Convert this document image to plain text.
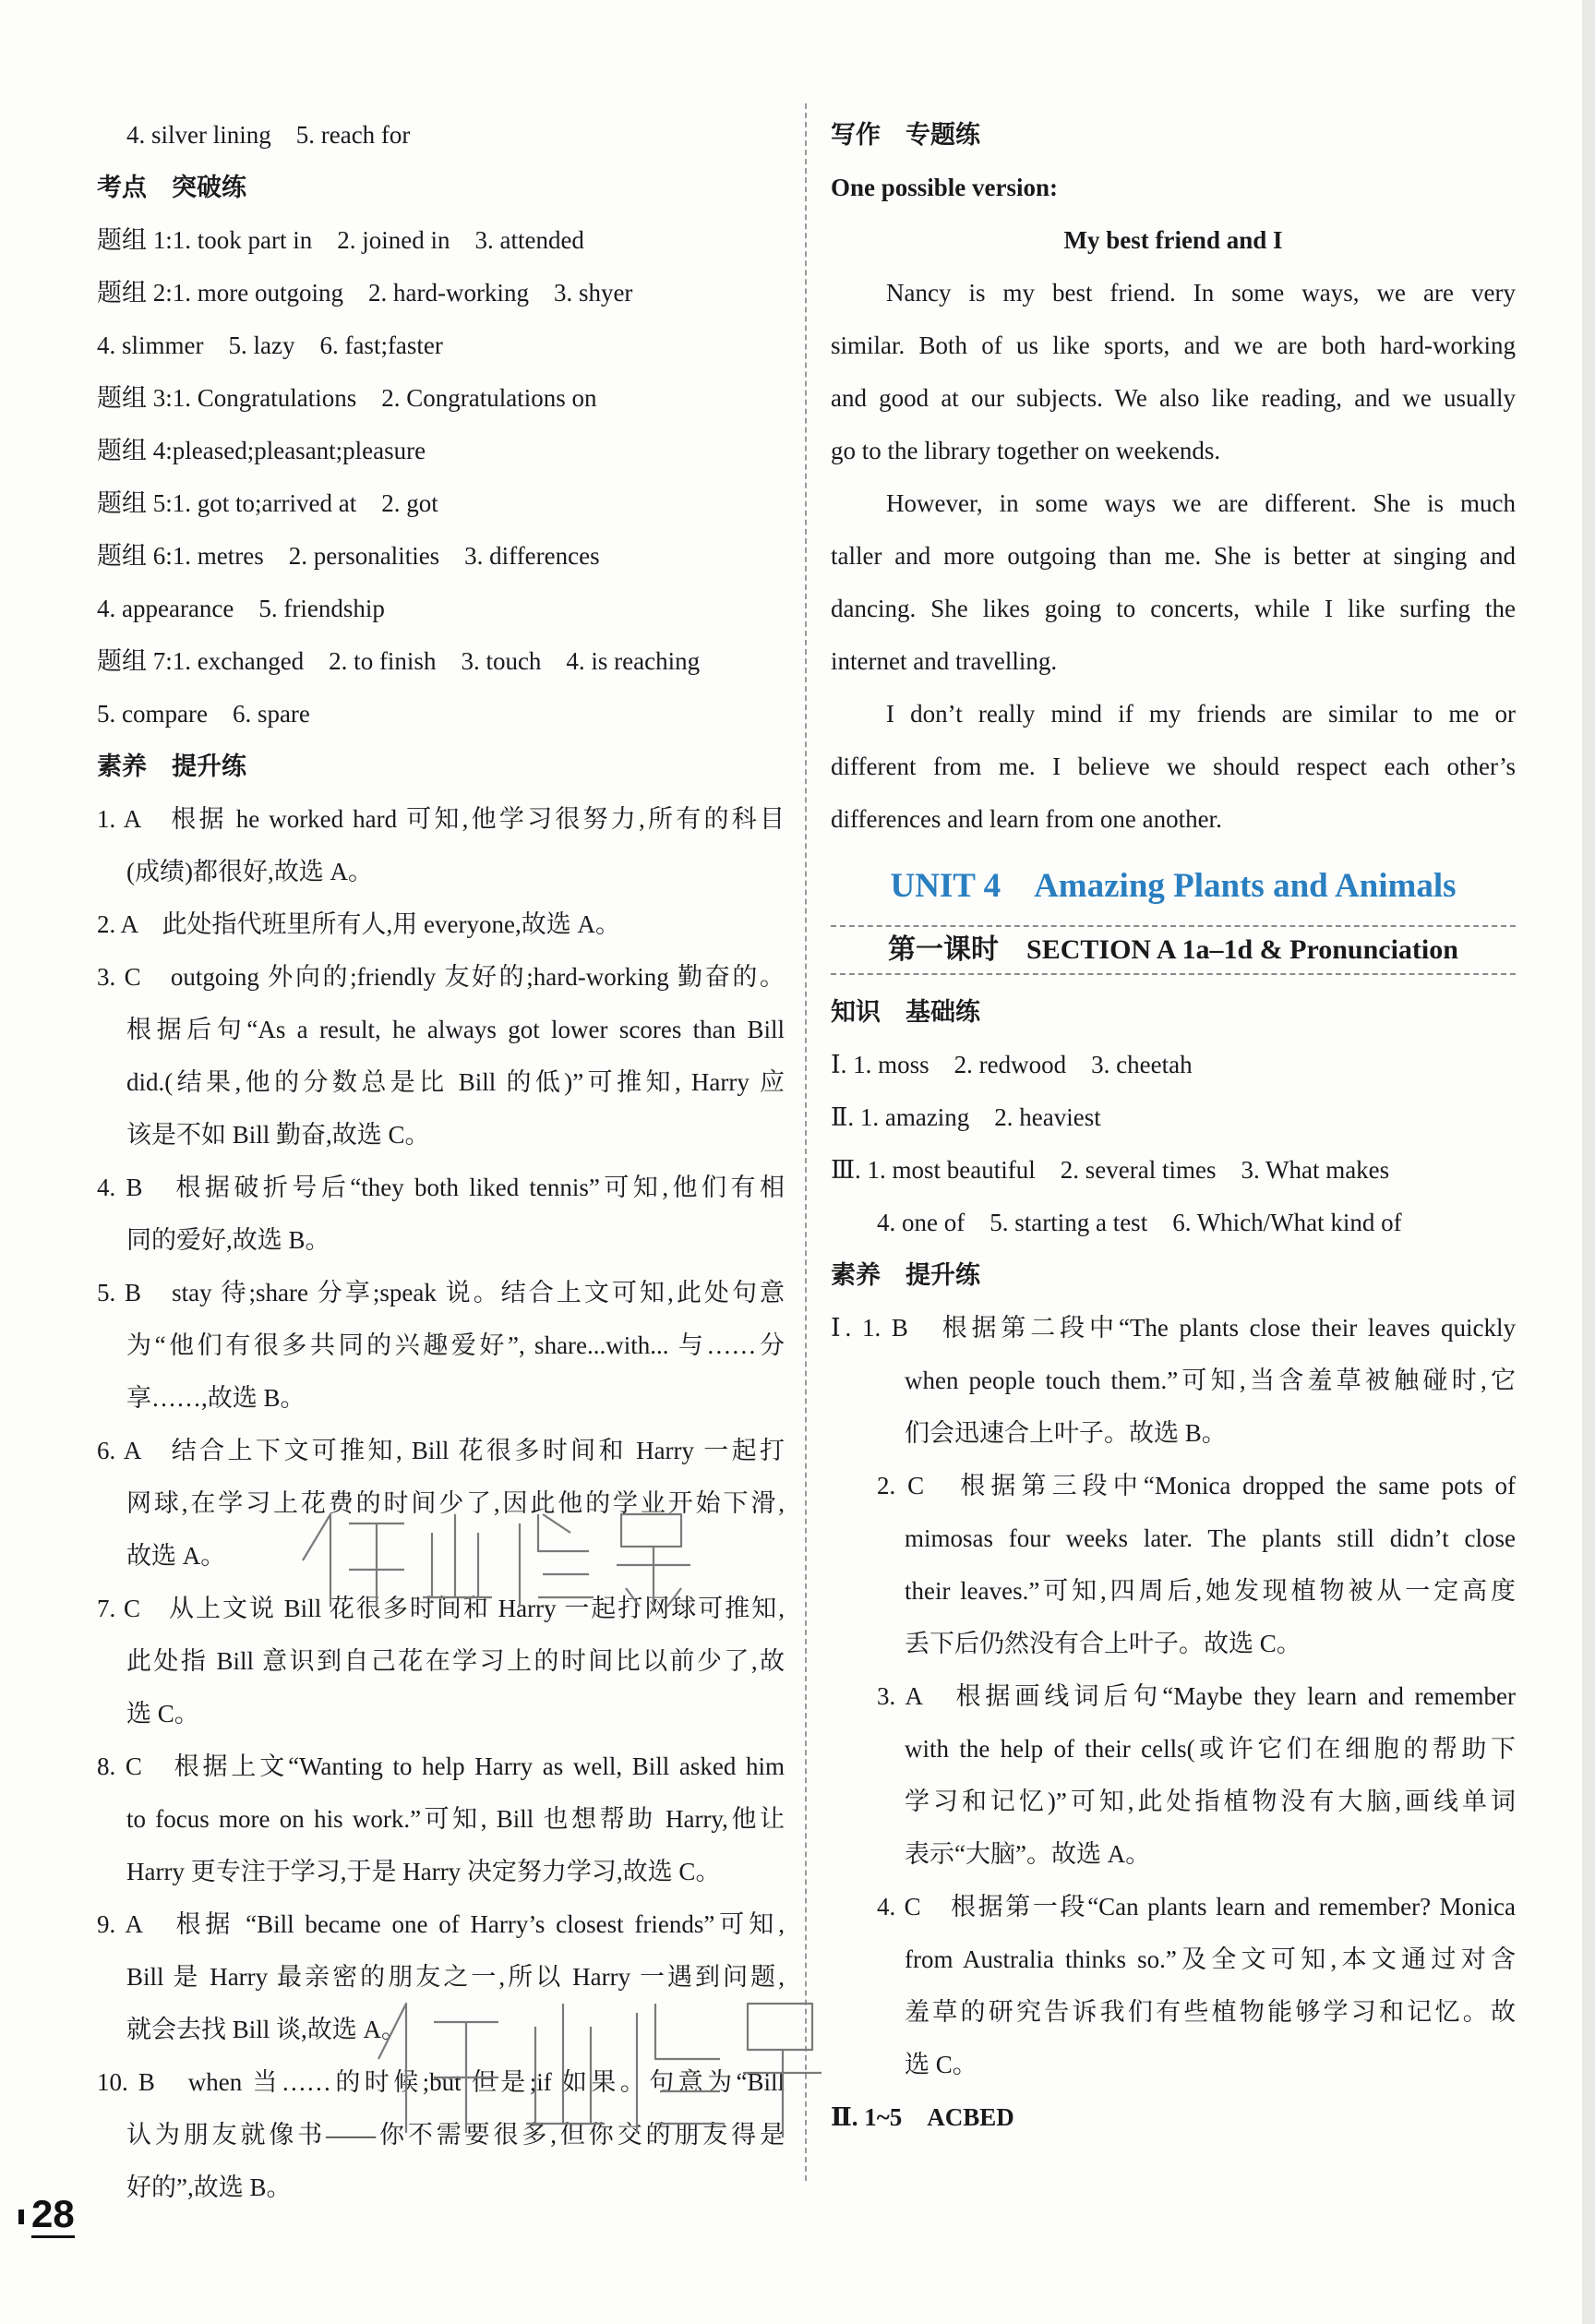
4. silver lining　5. reach for
考点　突破练
题组 1:1. took part in　2. joined in　3. attended
题组 2:1. more outgoing　2. hard-working　3. shyer
4. slimmer　5. lazy　6. fast;faster
题组 3:1. Congratulations　2. Congratulations on
题组 4:pleased;pleasant;pleasure
题组 5:1. got to;arrived at　2. got
题组 6:1. metres　2. personalities　3. differences
4. appearance　5. friendship
题组 7:1. exchanged　2. to finish　3. touch　4. is reaching
5. compare　6. spare
素养　提升练
1. A　根据 he worked hard 可知,他学习很努力,所有的科目
(成绩)都很好,故选 A。
2. A　此处指代班里所有人,用 everyone,故选 A。
3. C　outgoing 外向的;friendly 友好的;hard-working 勤奋的。
根据后句“As a result, he always got lower scores than Bill
did.(结果,他的分数总是比 Bill 的低)”可推知, Harry 应
该是不如 Bill 勤奋,故选 C。
4. B　根据破折号后“they both liked tennis”可知,他们有相
同的爱好,故选 B。
5. B　stay 待;share 分享;speak 说。结合上文可知,此处句意
为“他们有很多共同的兴趣爱好”, share...with... 与……分
享……,故选 B。
6. A　结合上下文可推知, Bill 花很多时间和 Harry 一起打
网球,在学习上花费的时间少了,因此他的学业开始下滑,
故选 A。
7. C　从上文说 Bill 花很多时间和 Harry 一起打网球可推知,
此处指 Bill 意识到自己花在学习上的时间比以前少了,故
选 C。
8. C　根据上文“Wanting to help Harry as well, Bill asked him
to focus more on his work.”可知, Bill 也想帮助 Harry,他让
Harry 更专注于学习,于是 Harry 决定努力学习,故选 C。
9. A　根据 “Bill became one of Harry’s closest friends”可知,
Bill 是 Harry 最亲密的朋友之一,所以 Harry 一遇到问题,
就会去找 Bill 谈,故选 A。
10. B　when 当……的时候;but 但是;if 如果。句意为“Bill
认为朋友就像书——你不需要很多,但你交的朋友得是
好的”,故选 B。
写作　专题练
One possible version:
My best friend and I
Nancy is my best friend. In some ways, we are very
similar. Both of us like sports, and we are both hard-working
and good at our subjects. We also like reading, and we usually
go to the library together on weekends.
However, in some ways we are different. She is much
taller and more outgoing than me. She is better at singing and
dancing. She likes going to concerts, while I like surfing the
internet and travelling.
I don’t really mind if my friends are similar to me or
different from me. I believe we should respect each other’s
differences and learn from one another.
UNIT 4 Amazing Plants and Animals
第一课时　SECTION A 1a–1d & Pronunciation
知识　基础练
Ⅰ. 1. moss　2. redwood　3. cheetah
Ⅱ. 1. amazing　2. heaviest
Ⅲ. 1. most beautiful　2. several times　3. What makes
4. one of　5. starting a test　6. Which/What kind of
素养　提升练
Ⅰ. 1. B　根据第二段中“The plants close their leaves quickly
when people touch them.”可知,当含羞草被触碰时,它
们会迅速合上叶子。故选 B。
2. C　根据第三段中“Monica dropped the same pots of
mimosas four weeks later. The plants still didn’t close
their leaves.”可知,四周后,她发现植物被从一定高度
丢下后仍然没有合上叶子。故选 C。
3. A　根据画线词后句“Maybe they learn and remember
with the help of their cells(或许它们在细胞的帮助下
学习和记忆)”可知,此处指植物没有大脑,画线单词
表示“大脑”。故选 A。
4. C　根据第一段“Can plants learn and remember? Monica
from Australia thinks so.”及全文可知,本文通过对含
羞草的研究告诉我们有些植物能够学习和记忆。故
选 C。
Ⅱ. 1~5　ACBED
28
